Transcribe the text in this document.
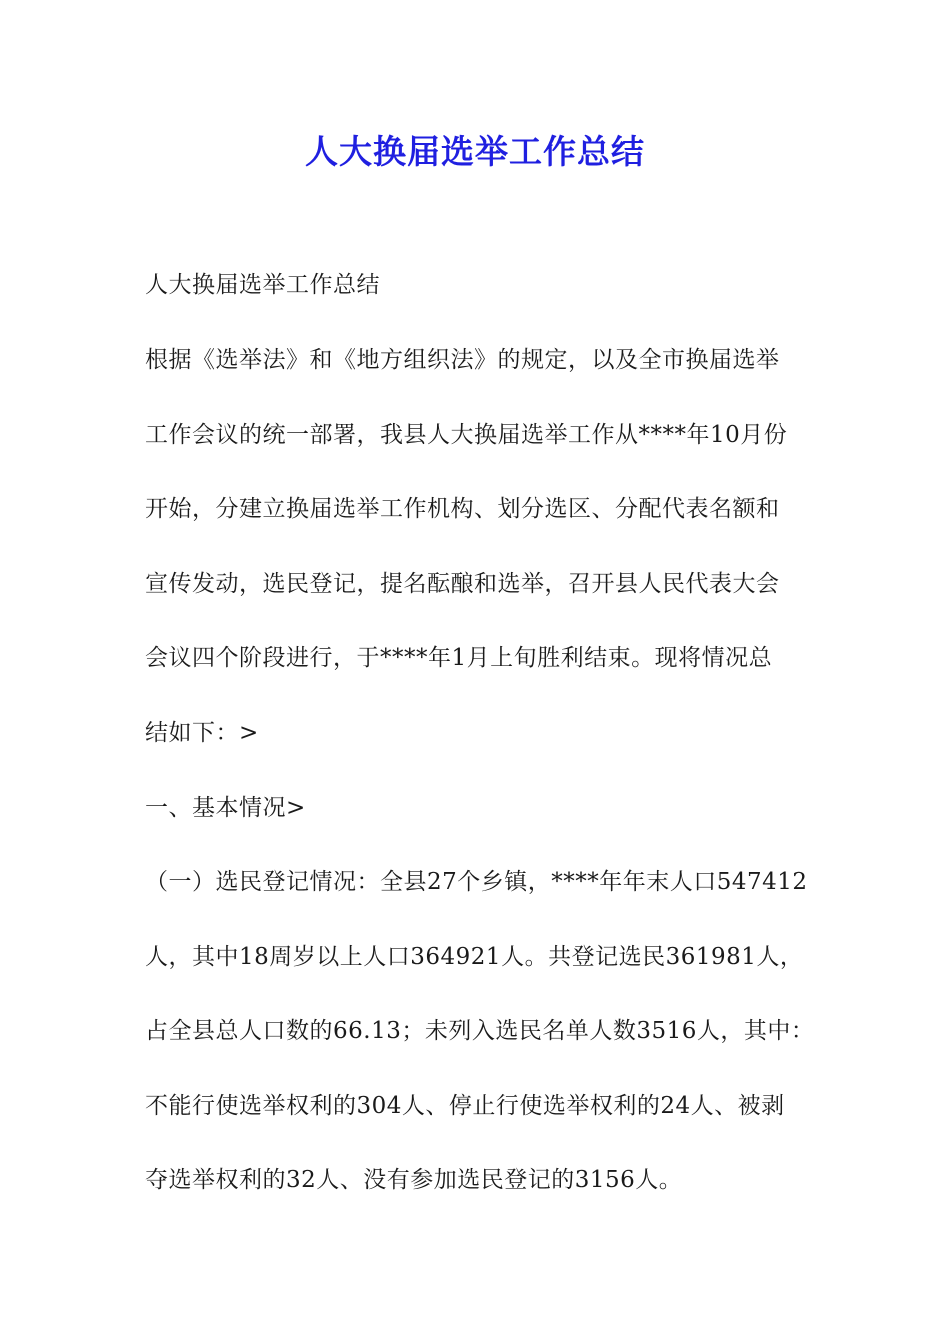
人大换届选举工作总结
人大换届选举工作总结
根据《选举法》和《地方组织法》的规定，以及全市换届选举
工作会议的统一部署，我县人大换届选举工作从****年10月份
开始，分建立换届选举工作机构、划分选区、分配代表名额和
宣传发动，选民登记，提名酝酿和选举，召开县人民代表大会
会议四个阶段进行，于****年1月上旬胜利结束。现将情况总
结如下：>
一、基本情况>
（一）选民登记情况：全县27个乡镇，****年年末人口547412
人，其中18周岁以上人口364921人。共登记选民361981人，
占全县总人口数的66.13；未列入选民名单人数3516人，其中：
不能行使选举权利的304人、停止行使选举权利的24人、被剥
夺选举权利的32人、没有参加选民登记的3156人。
